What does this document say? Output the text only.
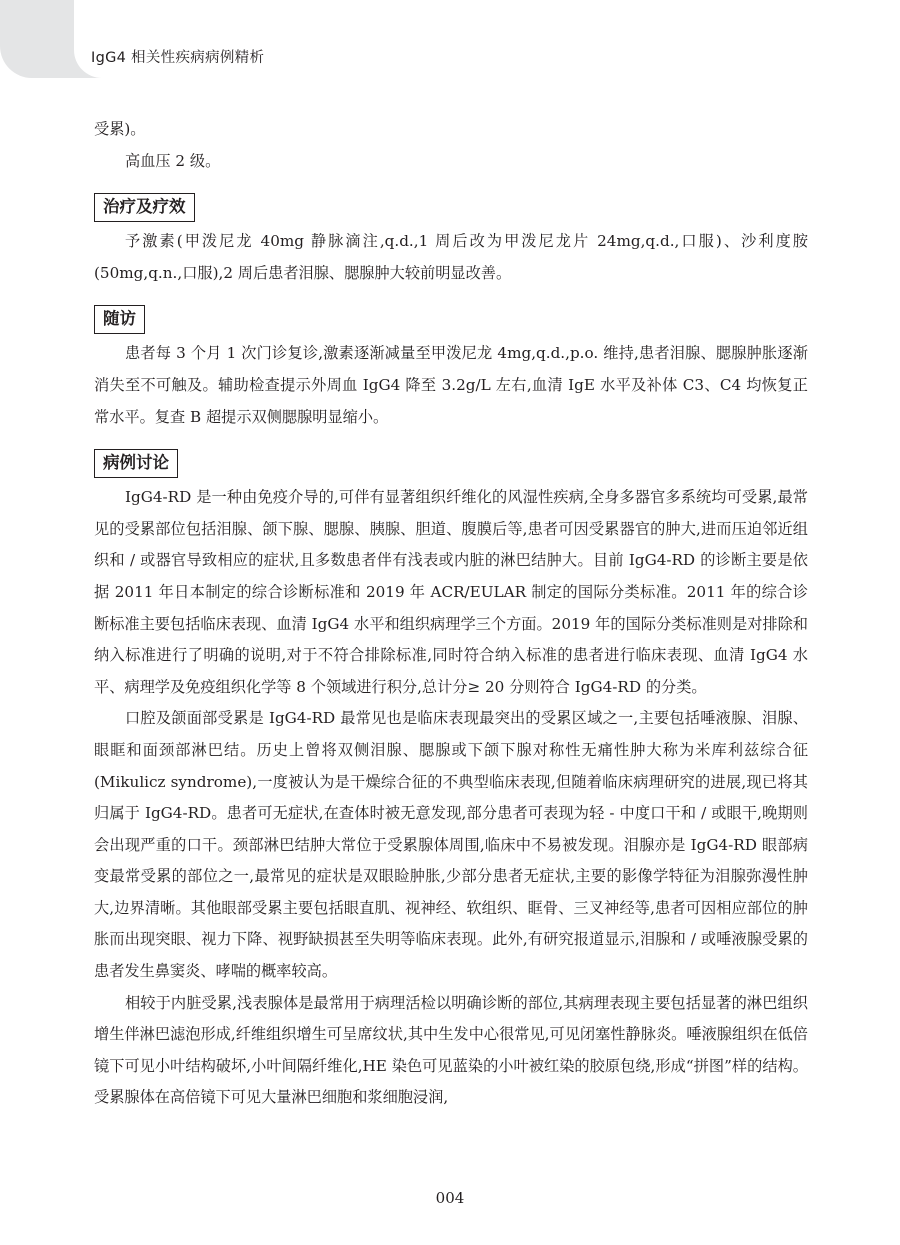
IgG4 相关性疾病病例精析

受累)。

高血压 2 级。

治疗及疗效

予激素(甲泼尼龙 40mg 静脉滴注,q.d.,1 周后改为甲泼尼龙片 24mg,q.d.,口服)、沙利度胺(50mg,q.n.,口服),2 周后患者泪腺、腮腺肿大较前明显改善。

随访

患者每 3 个月 1 次门诊复诊,激素逐渐减量至甲泼尼龙 4mg,q.d.,p.o. 维持,患者泪腺、腮腺肿胀逐渐消失至不可触及。辅助检查提示外周血 IgG4 降至 3.2g/L 左右,血清 IgE 水平及补体 C3、C4 均恢复正常水平。复查 B 超提示双侧腮腺明显缩小。

病例讨论

IgG4-RD 是一种由免疫介导的,可伴有显著组织纤维化的风湿性疾病,全身多器官多系统均可受累,最常见的受累部位包括泪腺、颌下腺、腮腺、胰腺、胆道、腹膜后等,患者可因受累器官的肿大,进而压迫邻近组织和 / 或器官导致相应的症状,且多数患者伴有浅表或内脏的淋巴结肿大。目前 IgG4-RD 的诊断主要是依据 2011 年日本制定的综合诊断标准和 2019 年 ACR/EULAR 制定的国际分类标准。2011 年的综合诊断标准主要包括临床表现、血清 IgG4 水平和组织病理学三个方面。2019 年的国际分类标准则是对排除和纳入标准进行了明确的说明,对于不符合排除标准,同时符合纳入标准的患者进行临床表现、血清 IgG4 水平、病理学及免疫组织化学等 8 个领域进行积分,总计分≥ 20 分则符合 IgG4-RD 的分类。

口腔及颌面部受累是 IgG4-RD 最常见也是临床表现最突出的受累区域之一,主要包括唾液腺、泪腺、眼眶和面颈部淋巴结。历史上曾将双侧泪腺、腮腺或下颌下腺对称性无痛性肿大称为米库利兹综合征(Mikulicz syndrome),一度被认为是干燥综合征的不典型临床表现,但随着临床病理研究的进展,现已将其归属于 IgG4-RD。患者可无症状,在查体时被无意发现,部分患者可表现为轻 - 中度口干和 / 或眼干,晚期则会出现严重的口干。颈部淋巴结肿大常位于受累腺体周围,临床中不易被发现。泪腺亦是 IgG4-RD 眼部病变最常受累的部位之一,最常见的症状是双眼睑肿胀,少部分患者无症状,主要的影像学特征为泪腺弥漫性肿大,边界清晰。其他眼部受累主要包括眼直肌、视神经、软组织、眶骨、三叉神经等,患者可因相应部位的肿胀而出现突眼、视力下降、视野缺损甚至失明等临床表现。此外,有研究报道显示,泪腺和 / 或唾液腺受累的患者发生鼻窦炎、哮喘的概率较高。

相较于内脏受累,浅表腺体是最常用于病理活检以明确诊断的部位,其病理表现主要包括显著的淋巴组织增生伴淋巴滤泡形成,纤维组织增生可呈席纹状,其中生发中心很常见,可见闭塞性静脉炎。唾液腺组织在低倍镜下可见小叶结构破坏,小叶间隔纤维化,HE 染色可见蓝染的小叶被红染的胶原包绕,形成“拼图”样的结构。受累腺体在高倍镜下可见大量淋巴细胞和浆细胞浸润,

004
